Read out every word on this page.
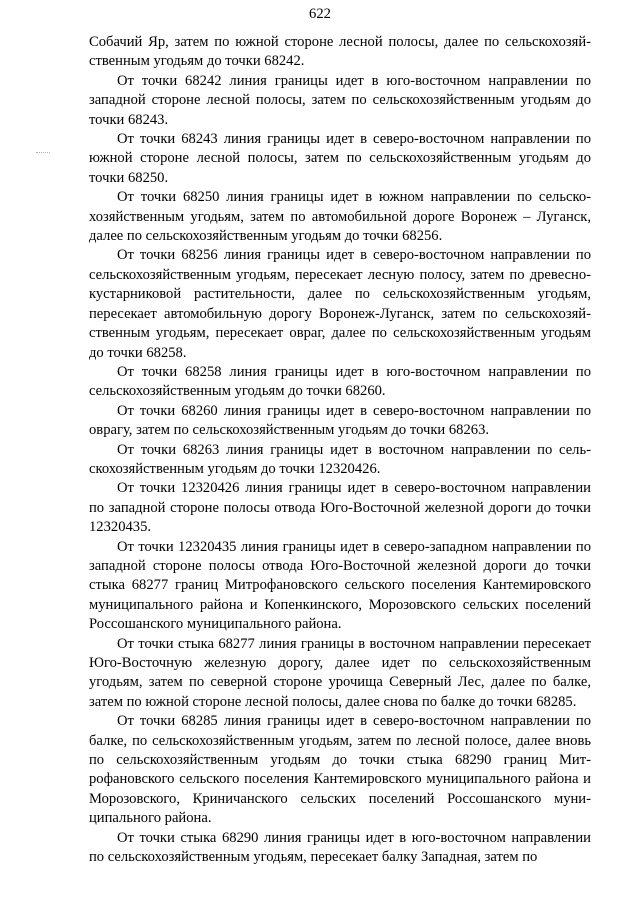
622

Собачий Яр, затем по южной стороне лесной полосы, далее по сельскохозяйственным угодьям до точки 68242.

От точки 68242 линия границы идет в юго-восточном направлении по западной стороне лесной полосы, затем по сельскохозяйственным угодьям до точки 68243.

От точки 68243 линия границы идет в северо-восточном направлении по южной стороне лесной полосы, затем по сельскохозяйственным угодьям до точки 68250.

От точки 68250 линия границы идет в южном направлении по сельскохозяйственным угодьям, затем по автомобильной дороге Воронеж – Луганск, далее по сельскохозяйственным угодьям до точки 68256.

От точки 68256 линия границы идет в северо-восточном направлении по сельскохозяйственным угодьям, пересекает лесную полосу, затем по древесно-кустарниковой растительности, далее по сельскохозяйственным угодьям, пересекает автомобильную дорогу Воронеж-Луганск, затем по сельскохозяйственным угодьям, пересекает овраг, далее по сельскохозяйственным угодьям до точки 68258.

От точки 68258 линия границы идет в юго-восточном направлении по сельскохозяйственным угодьям до точки 68260.

От точки 68260 линия границы идет в северо-восточном направлении по оврагу, затем по сельскохозяйственным угодьям до точки 68263.

От точки 68263 линия границы идет в восточном направлении по сельскохозяйственным угодьям до точки 12320426.

От точки 12320426 линия границы идет в северо-восточном направлении по западной стороне полосы отвода Юго-Восточной железной дороги до точки 12320435.

От точки 12320435 линия границы идет в северо-западном направлении по западной стороне полосы отвода Юго-Восточной железной дороги до точки стыка 68277 границ Митрофановского сельского поселения Кантемировского муниципального района и Копенкинского, Морозовского сельских поселений Россошанского муниципального района.

От точки стыка 68277 линия границы в восточном направлении пересекает Юго-Восточную железную дорогу, далее идет по сельскохозяйственным угодьям, затем по северной стороне урочища Северный Лес, далее по балке, затем по южной стороне лесной полосы, далее снова по балке до точки 68285.

От точки 68285 линия границы идет в северо-восточном направлении по балке, по сельскохозяйственным угодьям, затем по лесной полосе, далее вновь по сельскохозяйственным угодьям до точки стыка 68290 границ Митрофановского сельского поселения Кантемировского муниципального района и Морозовского, Криничанского сельских поселений Россошанского муниципального района.

От точки стыка 68290 линия границы идет в юго-восточном направлении по сельскохозяйственным угодьям, пересекает балку Западная, затем по
